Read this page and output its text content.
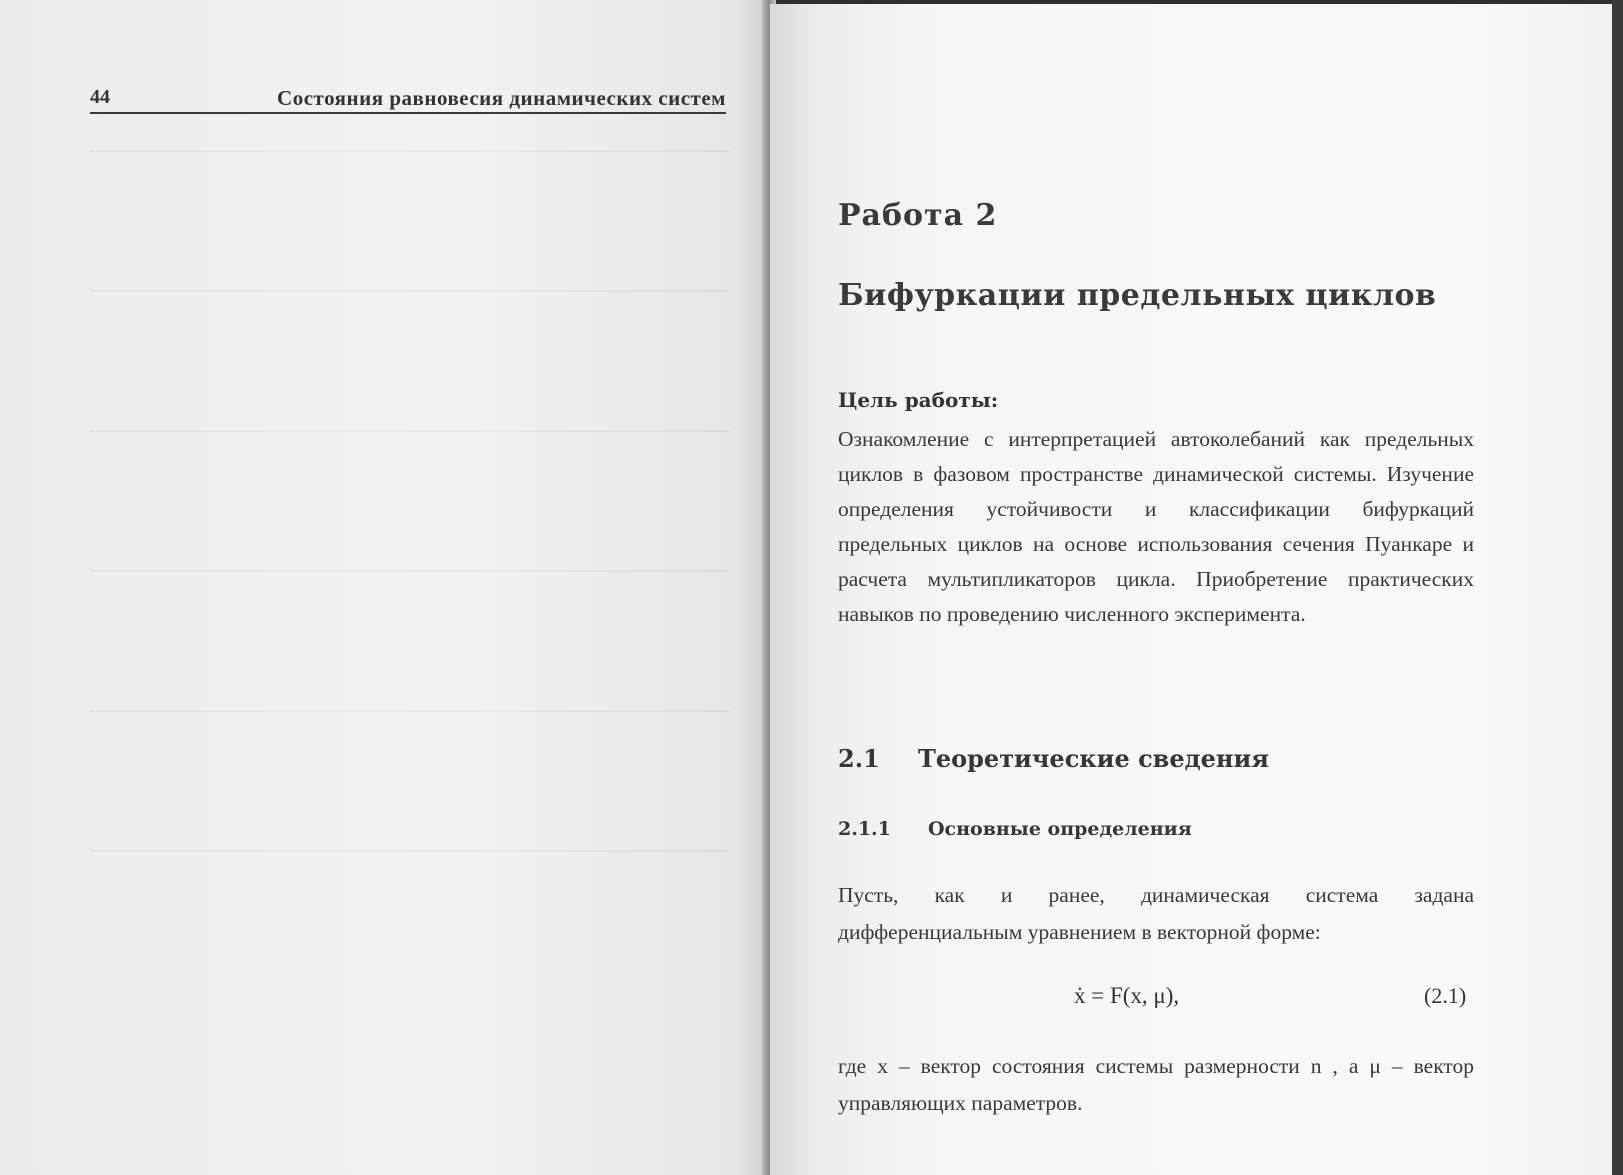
44	Состояния равновесия динамических систем
Работа 2
Бифуркации предельных циклов
Цель работы:
Ознакомление с интерпретацией автоколебаний как предельных циклов в фазовом пространстве динамической системы. Изучение определения устойчивости и классификации бифуркаций предельных циклов на основе использования сечения Пуанкаре и расчета мультипликаторов цикла. Приобретение практических навыков по проведению численного эксперимента.
2.1 Теоретические сведения
2.1.1 Основные определения
Пусть, как и ранее, динамическая система задана дифференциальным уравнением в векторной форме:
ẋ = F(x, μ),	(2.1)
где x – вектор состояния системы размерности n , а μ – вектор управляющих параметров.
